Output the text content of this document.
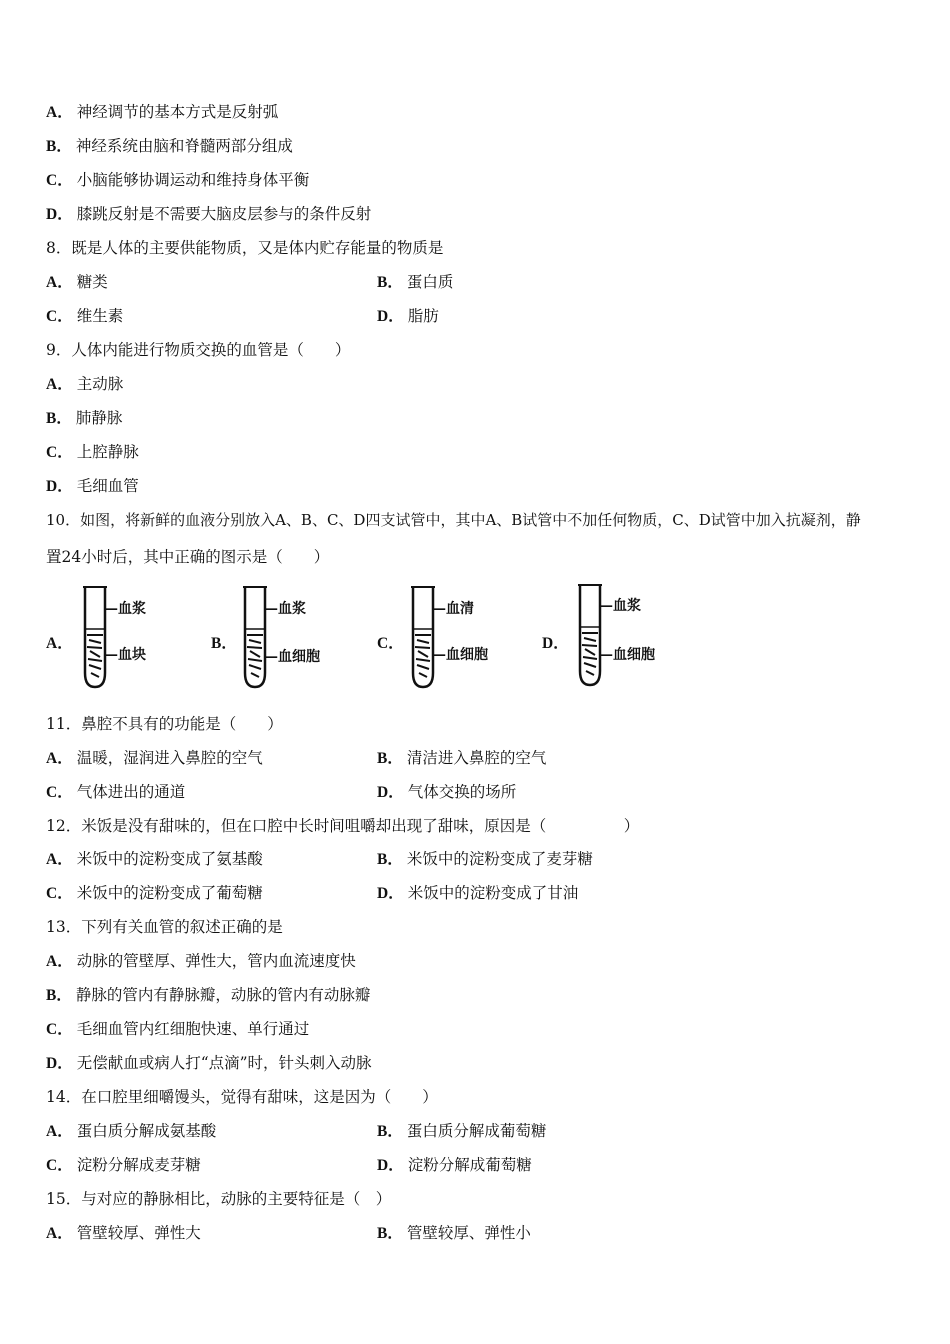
A． 神经调节的基本方式是反射弧
B． 神经系统由脑和脊髓两部分组成
C． 小脑能够协调运动和维持身体平衡
D． 膝跳反射是不需要大脑皮层参与的条件反射
8．既是人体的主要供能物质，又是体内贮存能量的物质是
A． 糖类	B． 蛋白质
C． 维生素	D． 脂肪
9．人体内能进行物质交换的血管是（　　）
A． 主动脉
B． 肺静脉
C． 上腔静脉
D． 毛细血管
10．如图，将新鲜的血液分别放入A、B、C、D四支试管中，其中A、B试管中不加任何物质，C、D试管中加入抗凝剂，静
置24小时后，其中正确的图示是（　　）
A．
—血浆
—血块
B．
—血浆
—血细胞
C．
—血清
—血细胞
D．
—血浆
—血细胞
11．鼻腔不具有的功能是（　　）
A． 温暖，湿润进入鼻腔的空气	B． 清洁进入鼻腔的空气
C． 气体进出的通道	D． 气体交换的场所
12．米饭是没有甜味的，但在口腔中长时间咀嚼却出现了甜味，原因是（　　　　　）
A． 米饭中的淀粉变成了氨基酸	B． 米饭中的淀粉变成了麦芽糖
C． 米饭中的淀粉变成了葡萄糖	D． 米饭中的淀粉变成了甘油
13．下列有关血管的叙述正确的是
A． 动脉的管壁厚、弹性大，管内血流速度快
B． 静脉的管内有静脉瓣，动脉的管内有动脉瓣
C． 毛细血管内红细胞快速、单行通过
D． 无偿献血或病人打“点滴”时，针头刺入动脉
14．在口腔里细嚼馒头，觉得有甜味，这是因为（　　）
A． 蛋白质分解成氨基酸	B． 蛋白质分解成葡萄糖
C． 淀粉分解成麦芽糖	D． 淀粉分解成葡萄糖
15．与对应的静脉相比，动脉的主要特征是（　）
A． 管壁较厚、弹性大	B． 管壁较厚、弹性小
